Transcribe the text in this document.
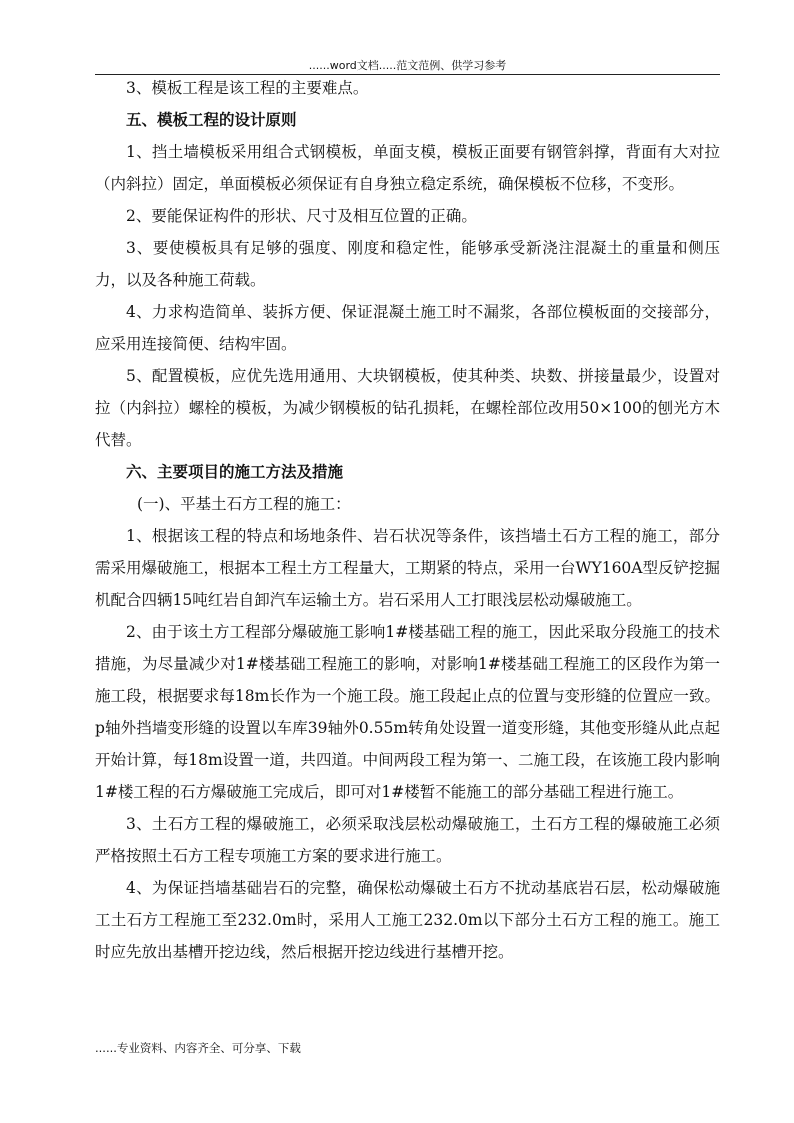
......word文档.....范文范例、供学习参考

3、模板工程是该工程的主要难点。

五、模板工程的设计原则

1、挡土墙模板采用组合式钢模板，单面支模，模板正面要有钢管斜撑，背面有大对拉（内斜拉）固定，单面模板必须保证有自身独立稳定系统，确保模板不位移，不变形。

2、要能保证构件的形状、尺寸及相互位置的正确。

3、要使模板具有足够的强度、刚度和稳定性，能够承受新浇注混凝土的重量和侧压力，以及各种施工荷载。

4、力求构造简单、装拆方便、保证混凝土施工时不漏浆，各部位模板面的交接部分，应采用连接简便、结构牢固。

5、配置模板，应优先选用通用、大块钢模板，使其种类、块数、拼接量最少，设置对拉（内斜拉）螺栓的模板，为减少钢模板的钻孔损耗，在螺栓部位改用50×100的刨光方木代替。

六、主要项目的施工方法及措施

(一)、平基土石方工程的施工：

1、根据该工程的特点和场地条件、岩石状况等条件，该挡墙土石方工程的施工，部分需采用爆破施工，根据本工程土方工程量大，工期紧的特点，采用一台WY160A型反铲挖掘机配合四辆15吨红岩自卸汽车运输土方。岩石采用人工打眼浅层松动爆破施工。

2、由于该土方工程部分爆破施工影响1#楼基础工程的施工，因此采取分段施工的技术措施，为尽量减少对1#楼基础工程施工的影响，对影响1#楼基础工程施工的区段作为第一施工段，根据要求每18m长作为一个施工段。施工段起止点的位置与变形缝的位置应一致。p轴外挡墙变形缝的设置以车库39轴外0.55m转角处设置一道变形缝，其他变形缝从此点起开始计算，每18m设置一道，共四道。中间两段工程为第一、二施工段，在该施工段内影响1#楼工程的石方爆破施工完成后，即可对1#楼暂不能施工的部分基础工程进行施工。

3、土石方工程的爆破施工，必须采取浅层松动爆破施工，土石方工程的爆破施工必须严格按照土石方工程专项施工方案的要求进行施工。

4、为保证挡墙基础岩石的完整，确保松动爆破土石方不扰动基底岩石层，松动爆破施工土石方工程施工至232.0m时，采用人工施工232.0m以下部分土石方工程的施工。施工时应先放出基槽开挖边线，然后根据开挖边线进行基槽开挖。

......专业资料、内容齐全、可分享、下载
